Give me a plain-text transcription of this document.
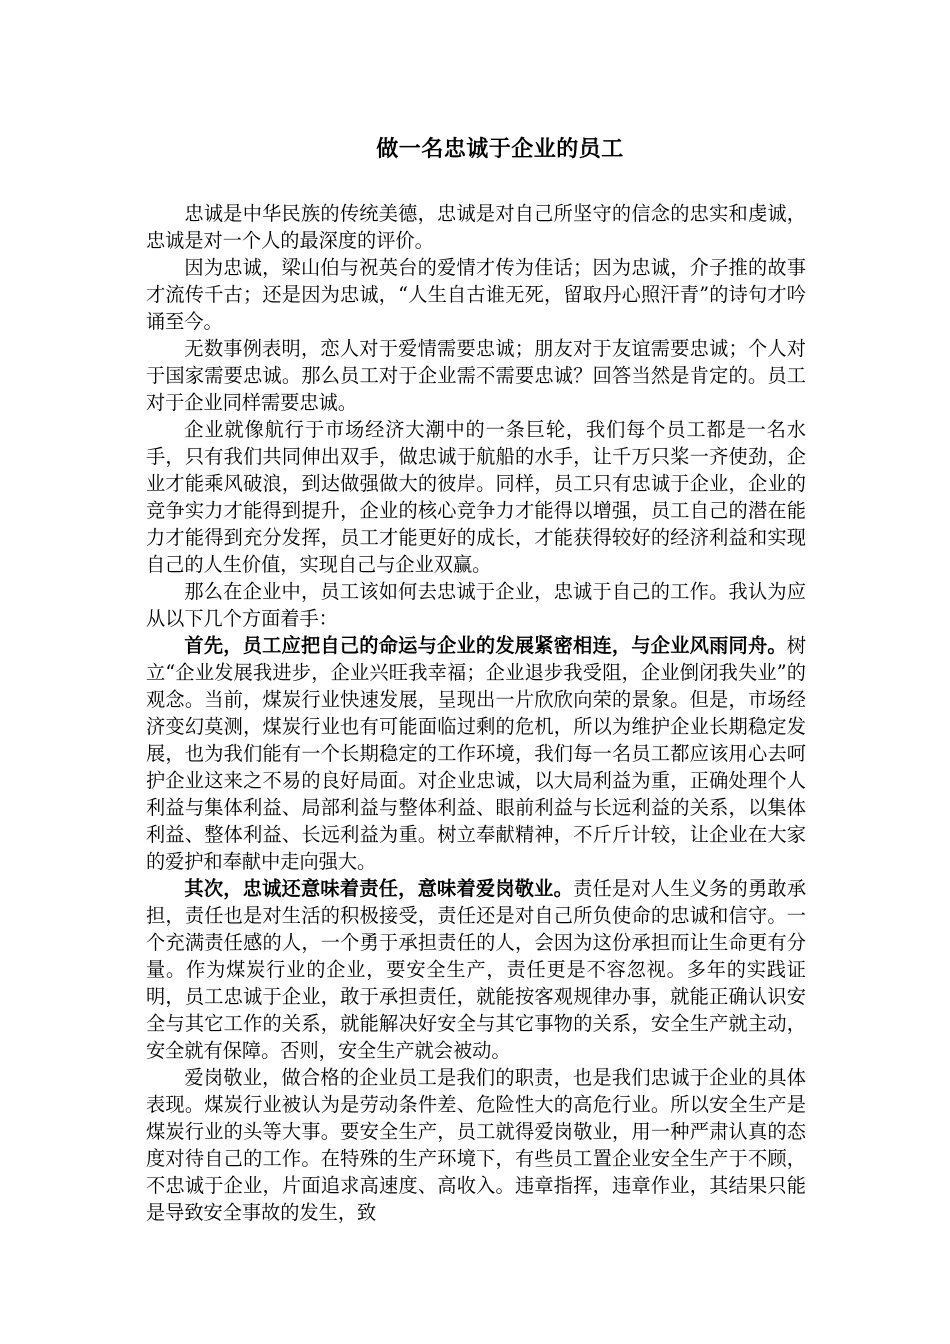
做一名忠诚于企业的员工

忠诚是中华民族的传统美德，忠诚是对自己所坚守的信念的忠实和虔诚，忠诚是对一个人的最深度的评价。

因为忠诚，梁山伯与祝英台的爱情才传为佳话；因为忠诚，介子推的故事才流传千古；还是因为忠诚，“人生自古谁无死，留取丹心照汗青”的诗句才吟诵至今。

无数事例表明，恋人对于爱情需要忠诚；朋友对于友谊需要忠诚；个人对于国家需要忠诚。那么员工对于企业需不需要忠诚？回答当然是肯定的。员工对于企业同样需要忠诚。

企业就像航行于市场经济大潮中的一条巨轮，我们每个员工都是一名水手，只有我们共同伸出双手，做忠诚于航船的水手，让千万只桨一齐使劲，企业才能乘风破浪，到达做强做大的彼岸。同样，员工只有忠诚于企业，企业的竞争实力才能得到提升，企业的核心竞争力才能得以增强，员工自己的潜在能力才能得到充分发挥，员工才能更好的成长，才能获得较好的经济利益和实现自己的人生价值，实现自己与企业双赢。

那么在企业中，员工该如何去忠诚于企业，忠诚于自己的工作。我认为应从以下几个方面着手：

首先，员工应把自己的命运与企业的发展紧密相连，与企业风雨同舟。树立“企业发展我进步，企业兴旺我幸福；企业退步我受阻，企业倒闭我失业”的观念。当前，煤炭行业快速发展，呈现出一片欣欣向荣的景象。但是，市场经济变幻莫测，煤炭行业也有可能面临过剩的危机，所以为维护企业长期稳定发展，也为我们能有一个长期稳定的工作环境，我们每一名员工都应该用心去呵护企业这来之不易的良好局面。对企业忠诚，以大局利益为重，正确处理个人利益与集体利益、局部利益与整体利益、眼前利益与长远利益的关系，以集体利益、整体利益、长远利益为重。树立奉献精神，不斤斤计较，让企业在大家的爱护和奉献中走向强大。

其次，忠诚还意味着责任，意味着爱岗敬业。责任是对人生义务的勇敢承担，责任也是对生活的积极接受，责任还是对自己所负使命的忠诚和信守。一个充满责任感的人，一个勇于承担责任的人，会因为这份承担而让生命更有分量。作为煤炭行业的企业，要安全生产，责任更是不容忽视。多年的实践证明，员工忠诚于企业，敢于承担责任，就能按客观规律办事，就能正确认识安全与其它工作的关系，就能解决好安全与其它事物的关系，安全生产就主动，安全就有保障。否则，安全生产就会被动。

爱岗敬业，做合格的企业员工是我们的职责，也是我们忠诚于企业的具体表现。煤炭行业被认为是劳动条件差、危险性大的高危行业。所以安全生产是煤炭行业的头等大事。要安全生产，员工就得爱岗敬业，用一种严肃认真的态度对待自己的工作。在特殊的生产环境下，有些员工置企业安全生产于不顾，不忠诚于企业，片面追求高速度、高收入。违章指挥，违章作业，其结果只能是导致安全事故的发生，致
